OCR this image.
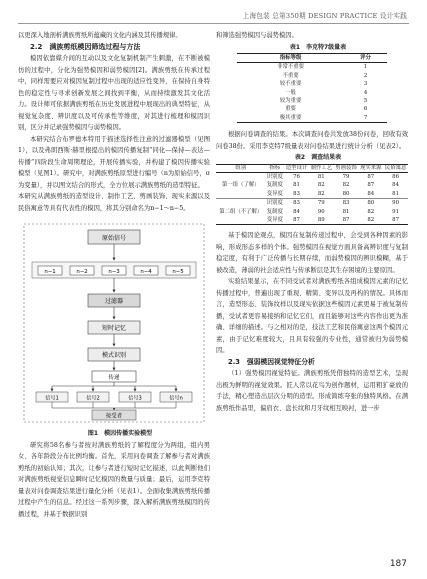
上海包装 总第350期 DESIGN PRACTICE 设计实践

以更深入地剖析满族剪纸所蕴藏的文化内涵及其传播规律。

2.2　满族剪纸模因筛选过程与方法

模因依靠媒介间的互动以及文化复制机制产生刺激，在不断被模仿的过程中，分化为强势模因和弱势模因[2]。满族剪纸在传承过程中，同样需要应对模因复制过程中出现的适应性变异，在保持自身特色的稳定性与寻求创新发展之间找到平衡，从而持续激发其文化活力。设计师可依据满族剪纸在历史发展进程中展现出的典型特征，从视觉复杂度、辨识度以及可传承性等维度，对其进行梳理和模因识别，区分并记录强势模因与弱势模因。

本研究结合布罗德本特用于描述选择性注意的过滤器模型（见图1），以及弗朗西斯·赫里根提出的模因传播复制“同化—保持—表达—传播”四阶段生命周期理论，开展传播实验，并构建了模因传播实验模型（见图1）。研究中，对满族剪纸原型进行编号（n为原始信号，σ为变量），并以图文结合的形式，全方位展示满族剪纸的造型特征。

本研究从满族剪纸的造型设计、制作工艺、剪画装饰、现实来源以及民俗寓意等具有代表性的模因，将其分别命名为n−1～n−5。

原始信号
n−1	n−2	n−3	n−4	n−5
过滤器
短时记忆
模式识别
传递
信号1	信号2	信号3	信号n
接受者

图1　模因传播实验模型

研究将58名参与者按对满族剪纸的了解程度分为两组，组内男女、各年龄段分布比例均衡。首先，采用问卷调查了解参与者对满族剪纸的初始认知；其次，让参与者进行短时记忆描述，以此判断他们对满族剪纸视觉信息瞬时记忆模因的数量与质量；最后，运用李克特量表对问卷调查结果进行量化分析（见表1）。全面收集满族剪纸传播过程中产生的信息。经过这一系列步骤，深入解析满族剪纸模因的传播过程，并基于数据识别

和筛选强势模因与弱势模因。

表1　李克特7级量表

指标等级	评分
非常不重要	1
不重要	2
较不重要	3
一般	4
较为重要	5
重要	6
极其重要	7

根据问卷调查的结果。本次调查问卷共发放38份问卷，回收有效问卷38份。采用李克特7级量表对问卷结果进行统计分析（见表2）。

表2　调查结果表

组别	指标	造型设计	制作工艺	剪画装饰	现实来源	民俗寓意
第一组（了解）	识别度	76	81	79	87	86
	复制度	81	82	82	87	84
	变异度	83	82	80	84	81
第二组（不了解）	识别度	83	79	83	80	90
	复制度	84	90	81	82	91
	变异度	87	89	87	82	87

基于模因论观点，模因在复制传递过程中，会受到各种因素的影响，形成形态多样的个体。强势模因在视觉方面具备高辨识度与复制稳定度，有利于广泛传播与长期存续，而弱势模因的辨识模糊，基于被改造，薄弱的社会适应性与传承断层是其生存困境的主要原因。

实验结果显示，在不同受试者对满族剪纸各组成模因元素的记忆传播过程中，普遍出现了重现、精简、变异以及再构的情况。具体而言，造型形态、装饰纹样以及现实依据这些模因元素更易于被复制传播，受试者更容易接纳和记忆它们，而且能够对这些内容作出更为准确、详细的描述。与之相对的是，技法工艺和民俗寓意这两个模因元素，由于记忆难度较大，且具有较强的专业性，通常被归为弱势模因。

2.3　强弱模因视觉特征分析

（1）强势模因视觉特征。满族剪纸凭借独特的造型艺术，呈现出极为鲜明的视觉效果。匠人常以花鸟为创作题材，运用粗犷豪放的手法，精心塑造出层次分明的造型。形成简练夸张的独特风格。在满族剪纸作品里，偏肩衣、盘长纹和月牙纹相互映衬，进一步

187
